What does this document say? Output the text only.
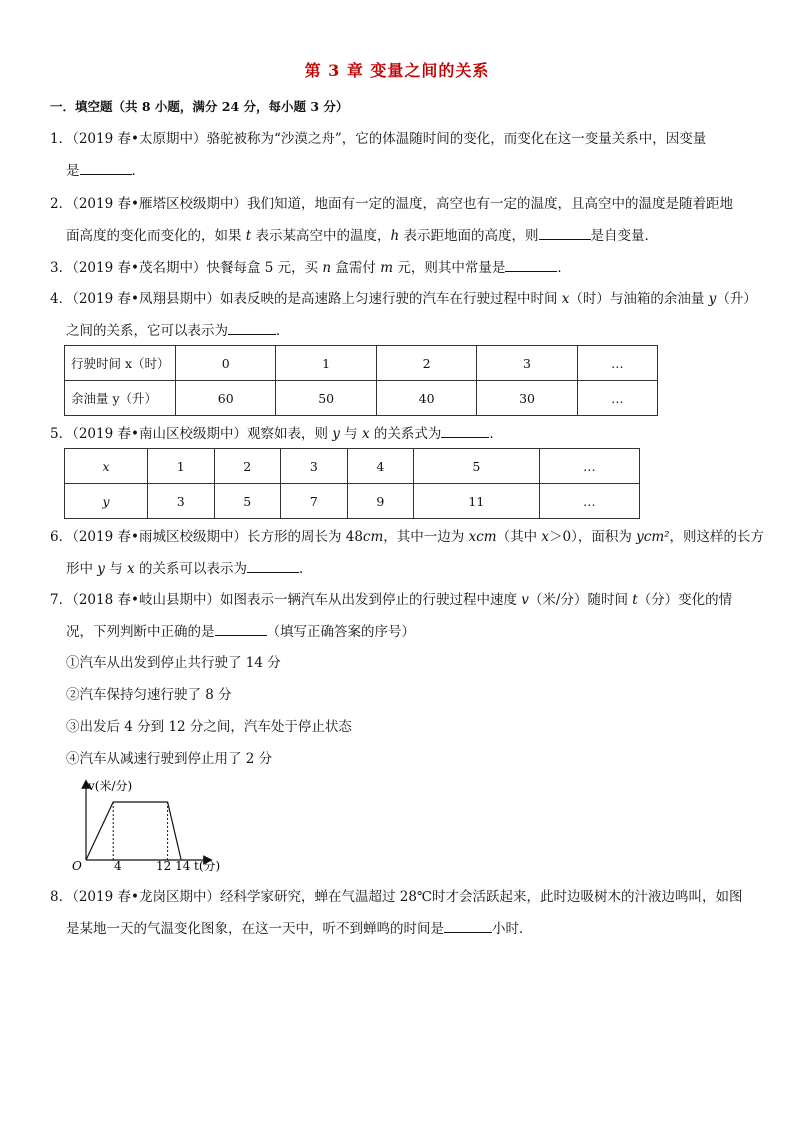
第 3 章 变量之间的关系
一．填空题（共 8 小题，满分 24 分，每小题 3 分）
1．（2019 春•太原期中）骆驼被称为“沙漠之舟”，它的体温随时间的变化，而变化在这一变量关系中，因变量
是	．
2．（2019 春•雁塔区校级期中）我们知道，地面有一定的温度，高空也有一定的温度，且高空中的温度是随着距地
面高度的变化而变化的，如果 t 表示某高空中的温度，h 表示距地面的高度，则	是自变量．
3．（2019 春•茂名期中）快餐每盒 5 元，买 n 盒需付 m 元，则其中常量是	．
4．（2019 春•凤翔县期中）如表反映的是高速路上匀速行驶的汽车在行驶过程中时间 x（时）与油箱的余油量 y（升）
之间的关系，它可以表示为	．
行驶时间 x（时）	0	1	2	3	…
余油量 y（升）	60	50	40	30	…
5．（2019 春•南山区校级期中）观察如表，则 y 与 x 的关系式为	．
x	1	2	3	4	5	…
y	3	5	7	9	11	…
6．（2019 春•雨城区校级期中）长方形的周长为 48cm，其中一边为 xcm（其中 x＞0），面积为 ycm²，则这样的长方
形中 y 与 x 的关系可以表示为	．
7．（2018 春•岐山县期中）如图表示一辆汽车从出发到停止的行驶过程中速度 v（米/分）随时间 t（分）变化的情
况，下列判断中正确的是	（填写正确答案的序号）
①汽车从出发到停止共行驶了 14 分
②汽车保持匀速行驶了 8 分
③出发后 4 分到 12 分之间，汽车处于停止状态
④汽车从减速行驶到停止用了 2 分
v(米/分)
O	4	12 14 t(分)
8．（2019 春•龙岗区期中）经科学家研究，蝉在气温超过 28℃时才会活跃起来，此时边吸树木的汁液边鸣叫，如图
是某地一天的气温变化图象，在这一天中，听不到蝉鸣的时间是	小时．
